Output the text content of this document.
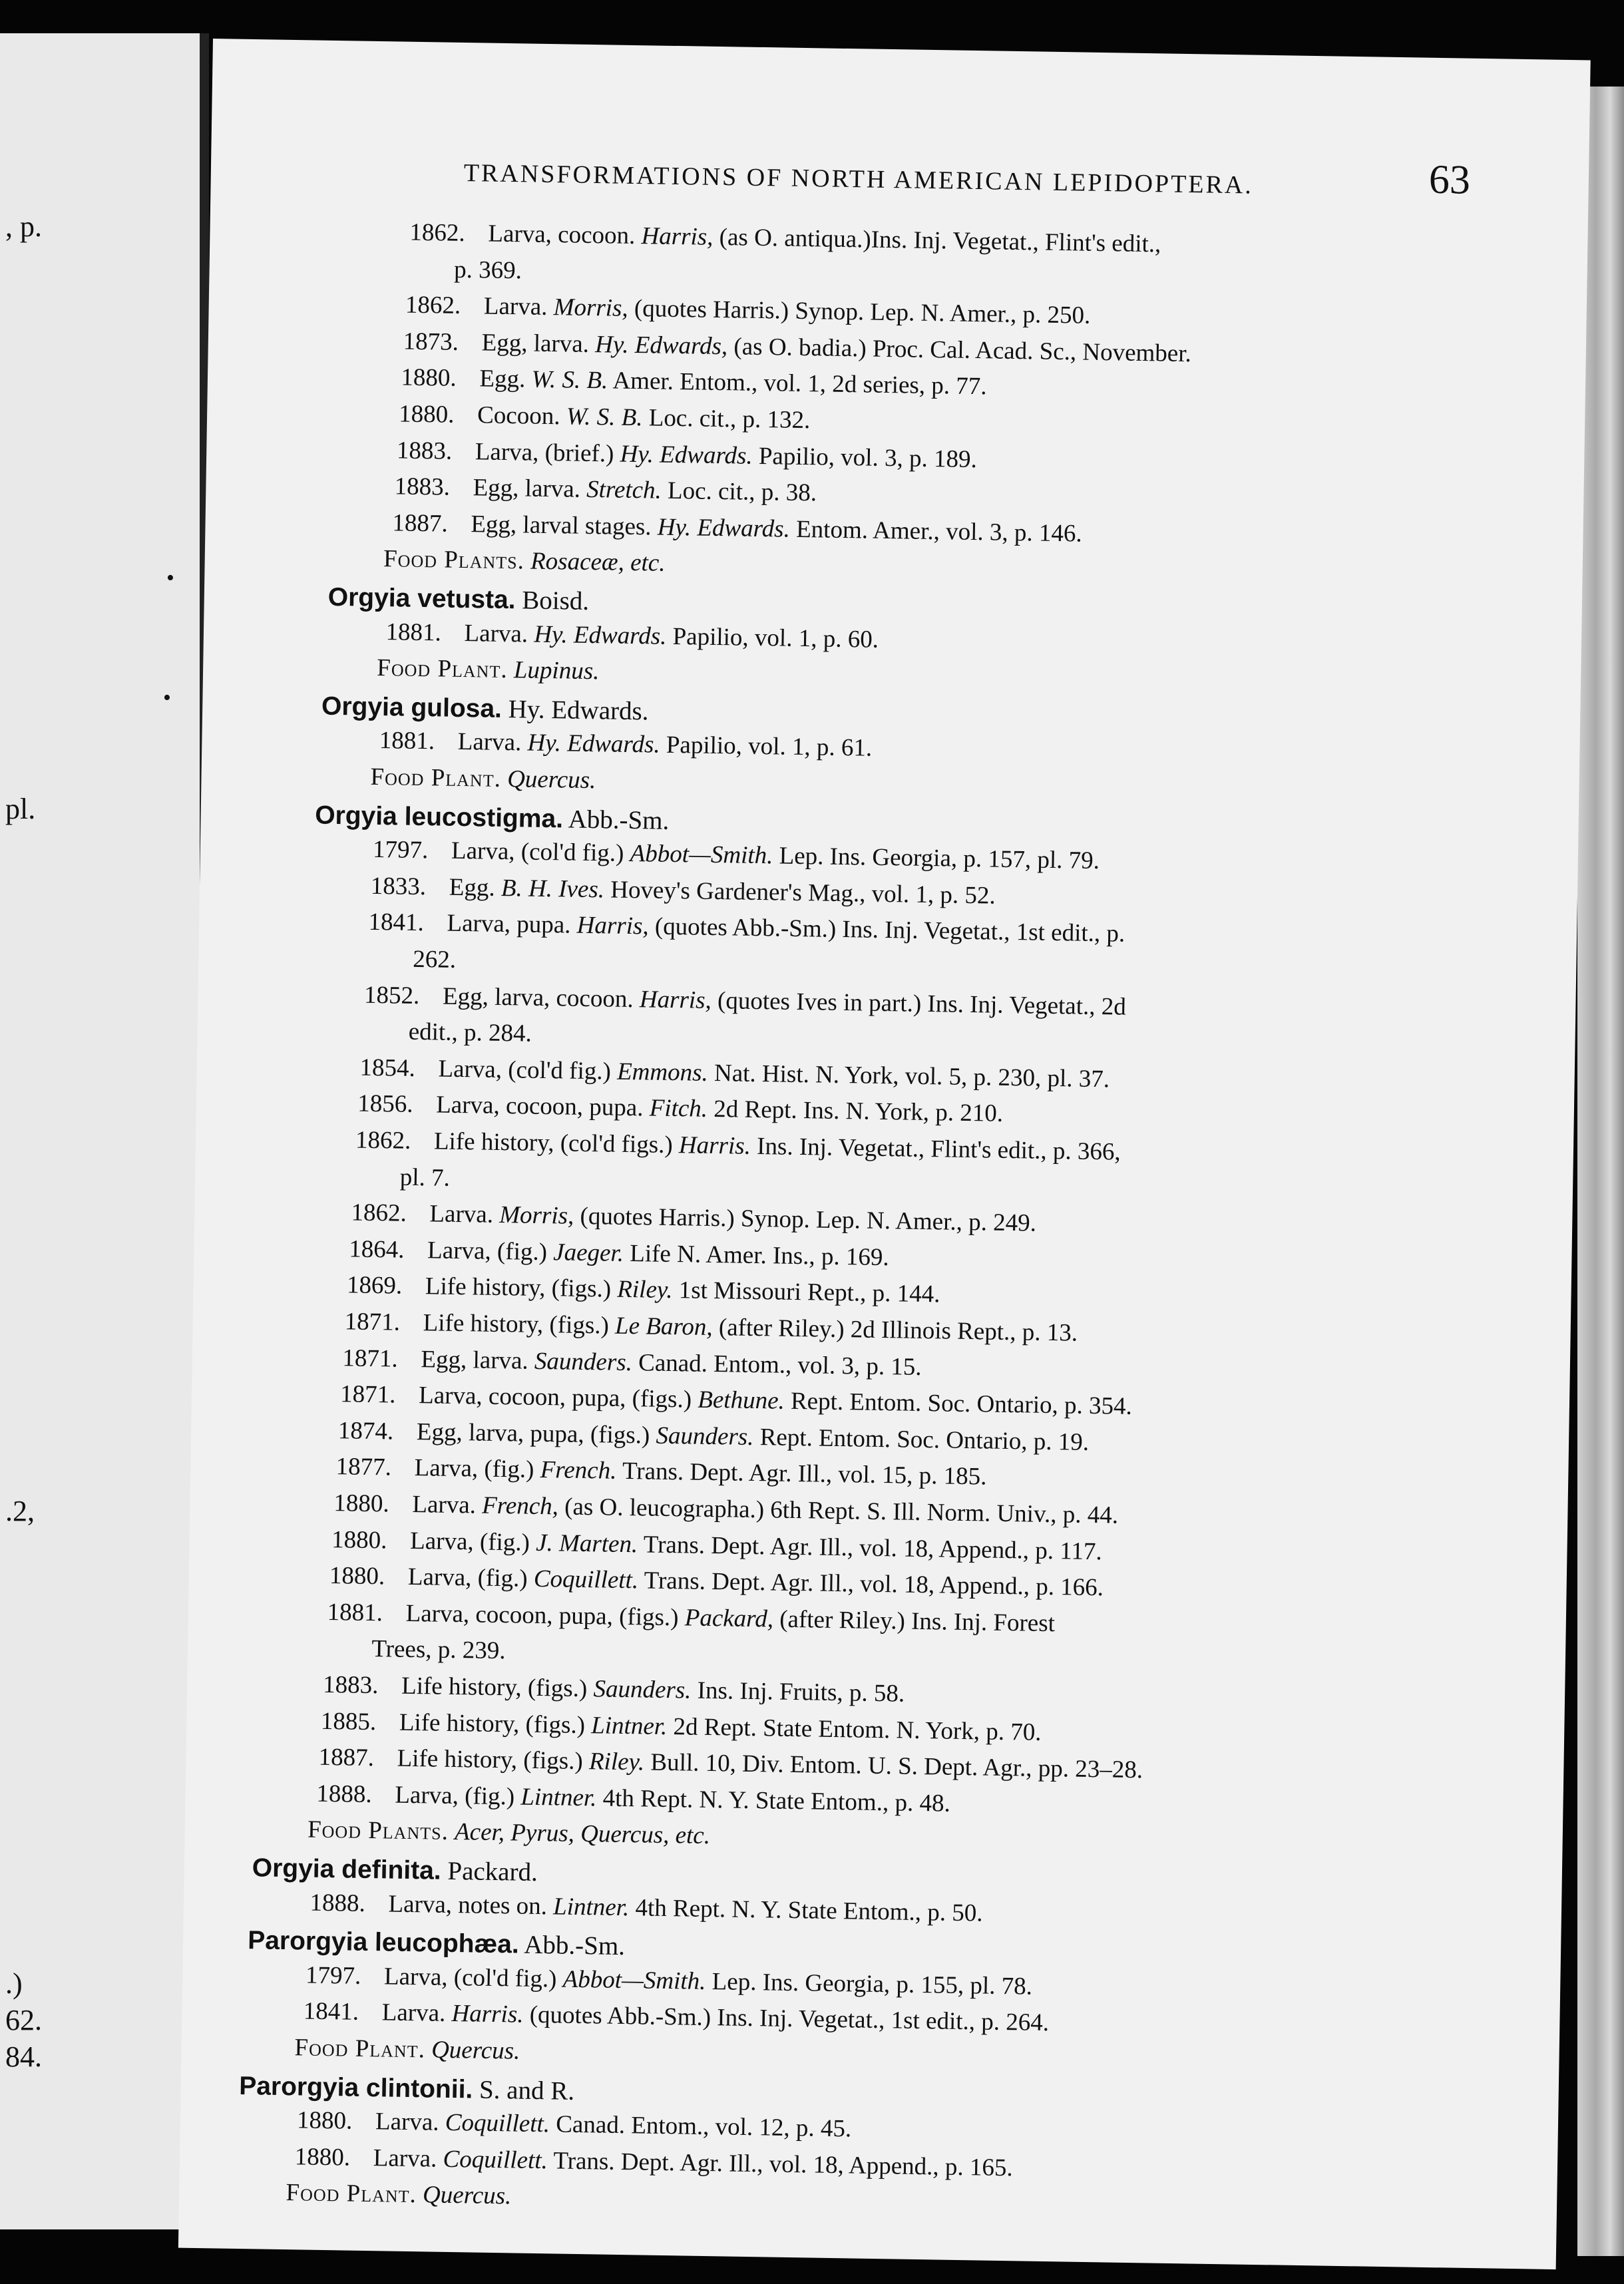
, p.
pl.
.2,
.)
62.
84.
•
•
TRANSFORMATIONS OF NORTH AMERICAN LEPIDOPTERA.	63
1862. Larva, cocoon. Harris, (as O. antiqua.)Ins. Inj. Vegetat., Flint's edit.,
p. 369.
1862. Larva. Morris, (quotes Harris.) Synop. Lep. N. Amer., p. 250.
1873. Egg, larva. Hy. Edwards, (as O. badia.) Proc. Cal. Acad. Sc., November.
1880. Egg. W. S. B. Amer. Entom., vol. 1, 2d series, p. 77.
1880. Cocoon. W. S. B. Loc. cit., p. 132.
1883. Larva, (brief.) Hy. Edwards. Papilio, vol. 3, p. 189.
1883. Egg, larva. Stretch. Loc. cit., p. 38.
1887. Egg, larval stages. Hy. Edwards. Entom. Amer., vol. 3, p. 146.
Food Plants. Rosaceæ, etc.
Orgyia vetusta. Boisd.
1881. Larva. Hy. Edwards. Papilio, vol. 1, p. 60.
Food Plant. Lupinus.
Orgyia gulosa. Hy. Edwards.
1881. Larva. Hy. Edwards. Papilio, vol. 1, p. 61.
Food Plant. Quercus.
Orgyia leucostigma. Abb.-Sm.
1797. Larva, (col'd fig.) Abbot—Smith. Lep. Ins. Georgia, p. 157, pl. 79.
1833. Egg. B. H. Ives. Hovey's Gardener's Mag., vol. 1, p. 52.
1841. Larva, pupa. Harris, (quotes Abb.-Sm.) Ins. Inj. Vegetat., 1st edit., p.
262.
1852. Egg, larva, cocoon. Harris, (quotes Ives in part.) Ins. Inj. Vegetat., 2d
edit., p. 284.
1854. Larva, (col'd fig.) Emmons. Nat. Hist. N. York, vol. 5, p. 230, pl. 37.
1856. Larva, cocoon, pupa. Fitch. 2d Rept. Ins. N. York, p. 210.
1862. Life history, (col'd figs.) Harris. Ins. Inj. Vegetat., Flint's edit., p. 366,
pl. 7.
1862. Larva. Morris, (quotes Harris.) Synop. Lep. N. Amer., p. 249.
1864. Larva, (fig.) Jaeger. Life N. Amer. Ins., p. 169.
1869. Life history, (figs.) Riley. 1st Missouri Rept., p. 144.
1871. Life history, (figs.) Le Baron, (after Riley.) 2d Illinois Rept., p. 13.
1871. Egg, larva. Saunders. Canad. Entom., vol. 3, p. 15.
1871. Larva, cocoon, pupa, (figs.) Bethune. Rept. Entom. Soc. Ontario, p. 354.
1874. Egg, larva, pupa, (figs.) Saunders. Rept. Entom. Soc. Ontario, p. 19.
1877. Larva, (fig.) French. Trans. Dept. Agr. Ill., vol. 15, p. 185.
1880. Larva. French, (as O. leucographa.) 6th Rept. S. Ill. Norm. Univ., p. 44.
1880. Larva, (fig.) J. Marten. Trans. Dept. Agr. Ill., vol. 18, Append., p. 117.
1880. Larva, (fig.) Coquillett. Trans. Dept. Agr. Ill., vol. 18, Append., p. 166.
1881. Larva, cocoon, pupa, (figs.) Packard, (after Riley.) Ins. Inj. Forest
Trees, p. 239.
1883. Life history, (figs.) Saunders. Ins. Inj. Fruits, p. 58.
1885. Life history, (figs.) Lintner. 2d Rept. State Entom. N. York, p. 70.
1887. Life history, (figs.) Riley. Bull. 10, Div. Entom. U. S. Dept. Agr., pp. 23–28.
1888. Larva, (fig.) Lintner. 4th Rept. N. Y. State Entom., p. 48.
Food Plants. Acer, Pyrus, Quercus, etc.
Orgyia definita. Packard.
1888. Larva, notes on. Lintner. 4th Rept. N. Y. State Entom., p. 50.
Parorgyia leucophæa. Abb.-Sm.
1797. Larva, (col'd fig.) Abbot—Smith. Lep. Ins. Georgia, p. 155, pl. 78.
1841. Larva. Harris. (quotes Abb.-Sm.) Ins. Inj. Vegetat., 1st edit., p. 264.
Food Plant. Quercus.
Parorgyia clintonii. S. and R.
1880. Larva. Coquillett. Canad. Entom., vol. 12, p. 45.
1880. Larva. Coquillett. Trans. Dept. Agr. Ill., vol. 18, Append., p. 165.
Food Plant. Quercus.
